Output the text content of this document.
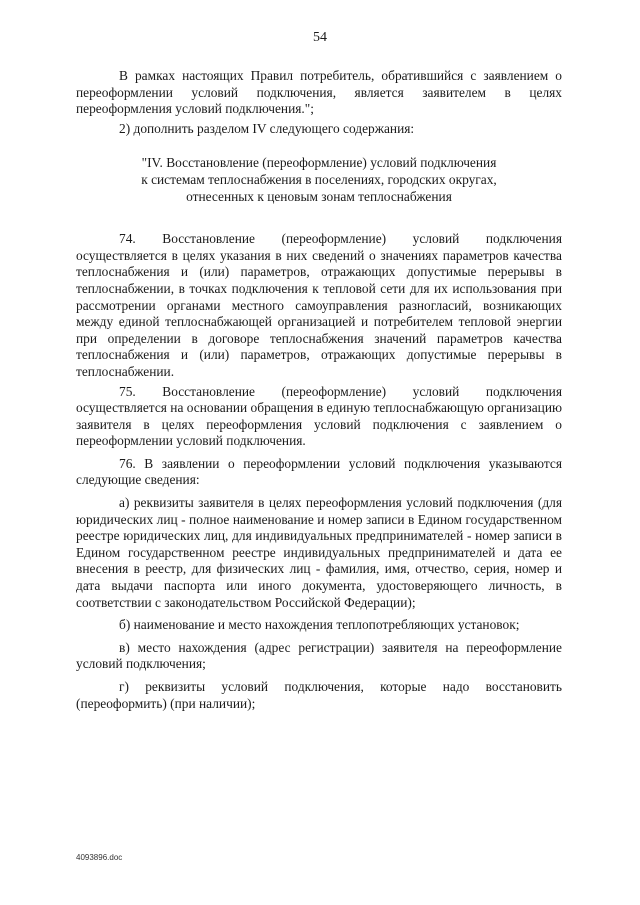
54

В рамках настоящих Правил потребитель, обратившийся с заявлением о переоформлении условий подключения, является заявителем в целях переоформления условий подключения.";

2) дополнить разделом IV следующего содержания:

"IV. Восстановление (переоформление) условий подключения
к системам теплоснабжения в поселениях, городских округах,
отнесенных к ценовым зонам теплоснабжения

74. Восстановление (переоформление) условий подключения осуществляется в целях указания в них сведений о значениях параметров качества теплоснабжения и (или) параметров, отражающих допустимые перерывы в теплоснабжении, в точках подключения к тепловой сети для их использования при рассмотрении органами местного самоуправления разногласий, возникающих между единой теплоснабжающей организацией и потребителем тепловой энергии при определении в договоре теплоснабжения значений параметров качества теплоснабжения и (или) параметров, отражающих допустимые перерывы в теплоснабжении.

75. Восстановление (переоформление) условий подключения осуществляется на основании обращения в единую теплоснабжающую организацию заявителя в целях переоформления условий подключения с заявлением о переоформлении условий подключения.

76. В заявлении о переоформлении условий подключения указываются следующие сведения:

а) реквизиты заявителя в целях переоформления условий подключения (для юридических лиц - полное наименование и номер записи в Едином государственном реестре юридических лиц, для индивидуальных предпринимателей - номер записи в Едином государственном реестре индивидуальных предпринимателей и дата ее внесения в реестр, для физических лиц - фамилия, имя, отчество, серия, номер и дата выдачи паспорта или иного документа, удостоверяющего личность, в соответствии с законодательством Российской Федерации);

б) наименование и место нахождения теплопотребляющих установок;

в) место нахождения (адрес регистрации) заявителя на переоформление условий подключения;

г) реквизиты условий подключения, которые надо восстановить (переоформить) (при наличии);

4093896.doc
